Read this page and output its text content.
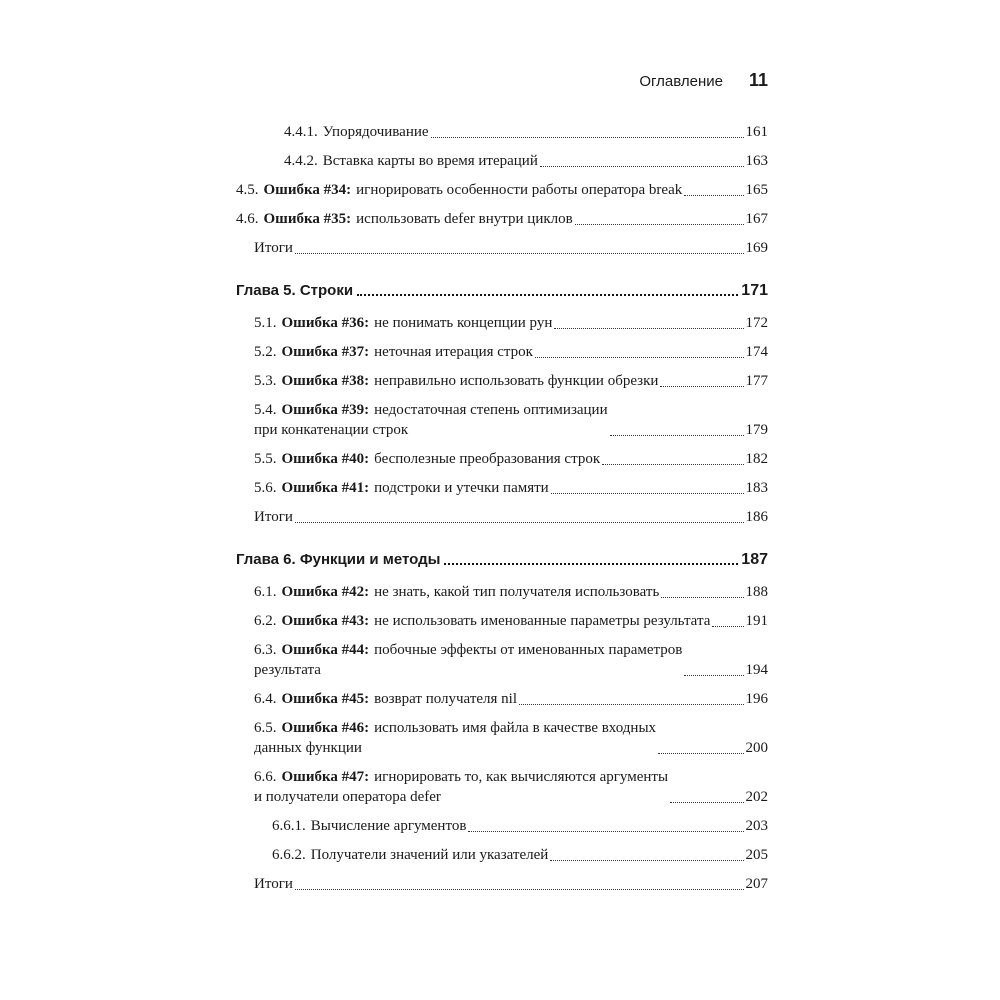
Оглавление 11
4.4.1. Упорядочивание	161
4.4.2. Вставка карты во время итераций	163
4.5. Ошибка #34: игнорировать особенности работы оператора break	165
4.6. Ошибка #35: использовать defer внутри циклов	167
Итоги	169
Глава 5. Строки	171
5.1. Ошибка #36: не понимать концепции рун	172
5.2. Ошибка #37: неточная итерация строк	174
5.3. Ошибка #38: неправильно использовать функции обрезки	177
5.4. Ошибка #39: недостаточная степень оптимизации
при конкатенации строк	179
5.5. Ошибка #40: бесполезные преобразования строк	182
5.6. Ошибка #41: подстроки и утечки памяти	183
Итоги	186
Глава 6. Функции и методы	187
6.1. Ошибка #42: не знать, какой тип получателя использовать	188
6.2. Ошибка #43: не использовать именованные параметры результата 191
6.3. Ошибка #44: побочные эффекты от именованных параметров
результата	194
6.4. Ошибка #45: возврат получателя nil	196
6.5. Ошибка #46: использовать имя файла в качестве входных
данных функции	200
6.6. Ошибка #47: игнорировать то, как вычисляются аргументы
и получатели оператора defer	202
6.6.1. Вычисление аргументов	203
6.6.2. Получатели значений или указателей	205
Итоги	207
